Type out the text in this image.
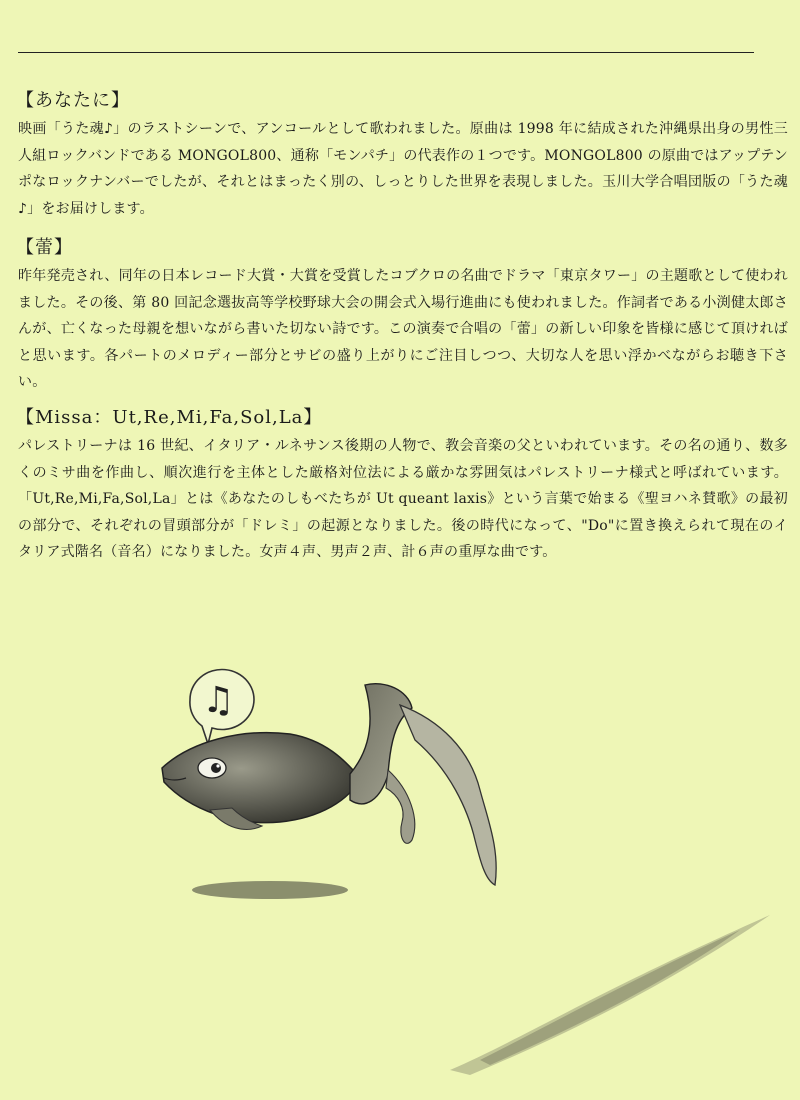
【あなたに】

映画「うた魂♪」のラストシーンで、アンコールとして歌われました。原曲は 1998 年に結成された沖縄県出身の男性三人組ロックバンドである MONGOL800、通称「モンパチ」の代表作の１つです。MONGOL800 の原曲ではアップテンポなロックナンバーでしたが、それとはまったく別の、しっとりした世界を表現しました。玉川大学合唱団版の「うた魂♪」をお届けします。

【蕾】

昨年発売され、同年の日本レコード大賞・大賞を受賞したコブクロの名曲でドラマ「東京タワー」の主題歌として使われました。その後、第 80 回記念選抜高等学校野球大会の開会式入場行進曲にも使われました。作詞者である小渕健太郎さんが、亡くなった母親を想いながら書いた切ない詩です。この演奏で合唱の「蕾」の新しい印象を皆様に感じて頂ければと思います。各パートのメロディー部分とサビの盛り上がりにご注目しつつ、大切な人を思い浮かべながらお聴き下さい。

【Missa：Ut,Re,Mi,Fa,Sol,La】

パレストリーナは 16 世紀、イタリア・ルネサンス後期の人物で、教会音楽の父といわれています。その名の通り、数多くのミサ曲を作曲し、順次進行を主体とした厳格対位法による厳かな雰囲気はパレストリーナ様式と呼ばれています。「Ut,Re,Mi,Fa,Sol,La」とは《あなたのしもべたちが Ut queant laxis》という言葉で始まる《聖ヨハネ賛歌》の最初の部分で、それぞれの冒頭部分が「ドレミ」の起源となりました。後の時代になって、"Do"に置き換えられて現在のイタリア式階名（音名）になりました。女声４声、男声２声、計６声の重厚な曲です。

♫
